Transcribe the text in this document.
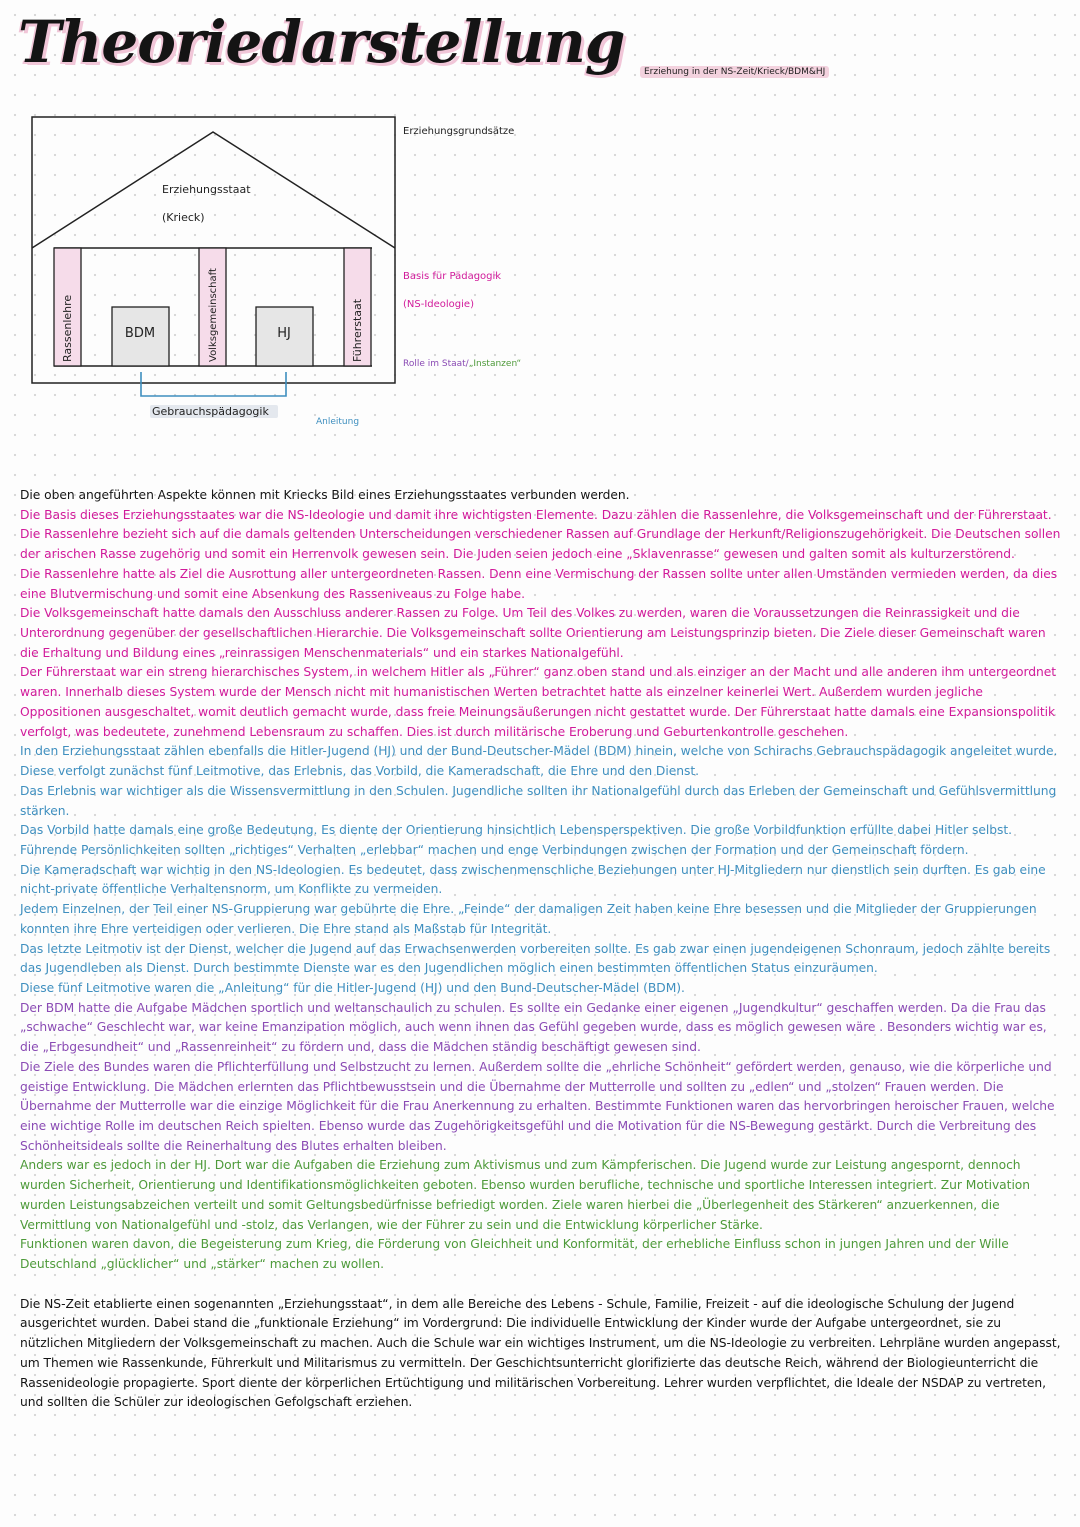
Theoriedarstellung	Erziehung in der NS-Zeit/Krieck/BDM&HJ
Erziehungsstaat
(Krieck)
Rassenlehre	Volksgemeinschaft	Führerstaat
BDM	HJ
Gebrauchspädagogik
Anleitung
Erziehungsgrundsätze
Basis für Pädagogik
(NS-Ideologie)
Rolle im Staat/„Instanzen“

Die oben angeführten Aspekte können mit Kriecks Bild eines Erziehungsstaates verbunden werden.

Die Basis dieses Erziehungsstaates war die NS-Ideologie und damit ihre wichtigsten Elemente. Dazu zählen die Rassenlehre, die Volksgemeinschaft und der Führerstaat.

Die Rassenlehre bezieht sich auf die damals geltenden Unterscheidungen verschiedener Rassen auf Grundlage der Herkunft/Religionszugehörigkeit. Die Deutschen sollen der arischen Rasse zugehörig und somit ein Herrenvolk gewesen sein. Die Juden seien jedoch eine „Sklavenrasse“ gewesen und galten somit als kulturzerstörend.

Die Rassenlehre hatte als Ziel die Ausrottung aller untergeordneten Rassen. Denn eine Vermischung der Rassen sollte unter allen Umständen vermieden werden, da dies eine Blutvermischung und somit eine Absenkung des Rasseniveaus zu Folge habe.

Die Volksgemeinschaft hatte damals den Ausschluss anderer Rassen zu Folge. Um Teil des Volkes zu werden, waren die Voraussetzungen die Reinrassigkeit und die Unterordnung gegenüber der gesellschaftlichen Hierarchie. Die Volksgemeinschaft sollte Orientierung am Leistungsprinzip bieten. Die Ziele dieser Gemeinschaft waren die Erhaltung und Bildung eines „reinrassigen Menschenmaterials“ und ein starkes Nationalgefühl.

Der Führerstaat war ein streng hierarchisches System, in welchem Hitler als „Führer“ ganz oben stand und als einziger an der Macht und alle anderen ihm untergeordnet waren. Innerhalb dieses System wurde der Mensch nicht mit humanistischen Werten betrachtet hatte als einzelner keinerlei Wert. Außerdem wurden jegliche Oppositionen ausgeschaltet, womit deutlich gemacht wurde, dass freie Meinungsäußerungen nicht gestattet wurde. Der Führerstaat hatte damals eine Expansionspolitik verfolgt, was bedeutete, zunehmend Lebensraum zu schaffen. Dies ist durch militärische Eroberung und Geburtenkontrolle geschehen.

In den Erziehungsstaat zählen ebenfalls die Hitler-Jugend (HJ) und der Bund-Deutscher-Mädel (BDM) hinein, welche von Schirachs Gebrauchspädagogik angeleitet wurde. Diese verfolgt zunächst fünf Leitmotive, das Erlebnis, das Vorbild, die Kameradschaft, die Ehre und den Dienst.

Das Erlebnis war wichtiger als die Wissensvermittlung in den Schulen. Jugendliche sollten ihr Nationalgefühl durch das Erleben der Gemeinschaft und Gefühlsvermittlung stärken.

Das Vorbild hatte damals eine große Bedeutung. Es diente der Orientierung hinsichtlich Lebensperspektiven. Die große Vorbildfunktion erfüllte dabei Hitler selbst. Führende Persönlichkeiten sollten „richtiges“ Verhalten „erlebbar“ machen und enge Verbindungen zwischen der Formation und der Gemeinschaft fördern.

Die Kameradschaft war wichtig in den NS-Ideologien. Es bedeutet, dass zwischenmenschliche Beziehungen unter HJ-Mitgliedern nur dienstlich sein durften. Es gab eine nicht-private öffentliche Verhaltensnorm, um Konflikte zu vermeiden.

Jedem Einzelnen, der Teil einer NS-Gruppierung war gebührte die Ehre. „Feinde“ der damaligen Zeit haben keine Ehre besessen und die Mitglieder der Gruppierungen konnten ihre Ehre verteidigen oder verlieren. Die Ehre stand als Maßstab für Integrität.

Das letzte Leitmotiv ist der Dienst, welcher die Jugend auf das Erwachsenwerden vorbereiten sollte. Es gab zwar einen jugendeigenen Schonraum, jedoch zählte bereits das Jugendleben als Dienst. Durch bestimmte Dienste war es den Jugendlichen möglich einen bestimmten öffentlichen Status einzuräumen.

Diese fünf Leitmotive waren die „Anleitung“ für die Hitler-Jugend (HJ) und den Bund-Deutscher-Mädel (BDM).

Der BDM hatte die Aufgabe Mädchen sportlich und weltanschaulich zu schulen. Es sollte ein Gedanke einer eigenen „Jugendkultur“ geschaffen werden. Da die Frau das „schwache“ Geschlecht war, war keine Emanzipation möglich, auch wenn ihnen das Gefühl gegeben wurde, dass es möglich gewesen wäre . Besonders wichtig war es, die „Erbgesundheit“ und „Rassenreinheit“ zu fördern und, dass die Mädchen ständig beschäftigt gewesen sind.

Die Ziele des Bundes waren die Pflichterfüllung und Selbstzucht zu lernen. Außerdem sollte die „ehrliche Schönheit“ gefördert werden, genauso, wie die körperliche und geistige Entwicklung. Die Mädchen erlernten das Pflichtbewusstsein und die Übernahme der Mutterrolle und sollten zu „edlen“ und „stolzen“ Frauen werden. Die Übernahme der Mutterrolle war die einzige Möglichkeit für die Frau Anerkennung zu erhalten. Bestimmte Funktionen waren das hervorbringen heroischer Frauen, welche eine wichtige Rolle im deutschen Reich spielten. Ebenso wurde das Zugehörigkeitsgefühl und die Motivation für die NS-Bewegung gestärkt. Durch die Verbreitung des Schönheitsideals sollte die Reinerhaltung des Blutes erhalten bleiben.

Anders war es jedoch in der HJ. Dort war die Aufgaben die Erziehung zum Aktivismus und zum Kämpferischen. Die Jugend wurde zur Leistung angespornt, dennoch wurden Sicherheit, Orientierung und Identifikationsmöglichkeiten geboten. Ebenso wurden berufliche, technische und sportliche Interessen integriert. Zur Motivation wurden Leistungsabzeichen verteilt und somit Geltungsbedürfnisse befriedigt worden. Ziele waren hierbei die „Überlegenheit des Stärkeren“ anzuerkennen, die Vermittlung von Nationalgefühl und -stolz, das Verlangen, wie der Führer zu sein und die Entwicklung körperlicher Stärke.

Funktionen waren davon, die Begeisterung zum Krieg, die Förderung von Gleichheit und Konformität, der erhebliche Einfluss schon in jungen Jahren und der Wille Deutschland „glücklicher“ und „stärker“ machen zu wollen.

Die NS-Zeit etablierte einen sogenannten „Erziehungsstaat“, in dem alle Bereiche des Lebens - Schule, Familie, Freizeit - auf die ideologische Schulung der Jugend ausgerichtet wurden. Dabei stand die „funktionale Erziehung“ im Vordergrund: Die individuelle Entwicklung der Kinder wurde der Aufgabe untergeordnet, sie zu nützlichen Mitgliedern der Volksgemeinschaft zu machen. Auch die Schule war ein wichtiges Instrument, um die NS-Ideologie zu verbreiten. Lehrpläne wurden angepasst, um Themen wie Rassenkunde, Führerkult und Militarismus zu vermitteln. Der Geschichtsunterricht glorifizierte das deutsche Reich, während der Biologieunterricht die Rassenideologie propagierte. Sport diente der körperlichen Ertüchtigung und militärischen Vorbereitung. Lehrer wurden verpflichtet, die Ideale der NSDAP zu vertreten, und sollten die Schüler zur ideologischen Gefolgschaft erziehen.
